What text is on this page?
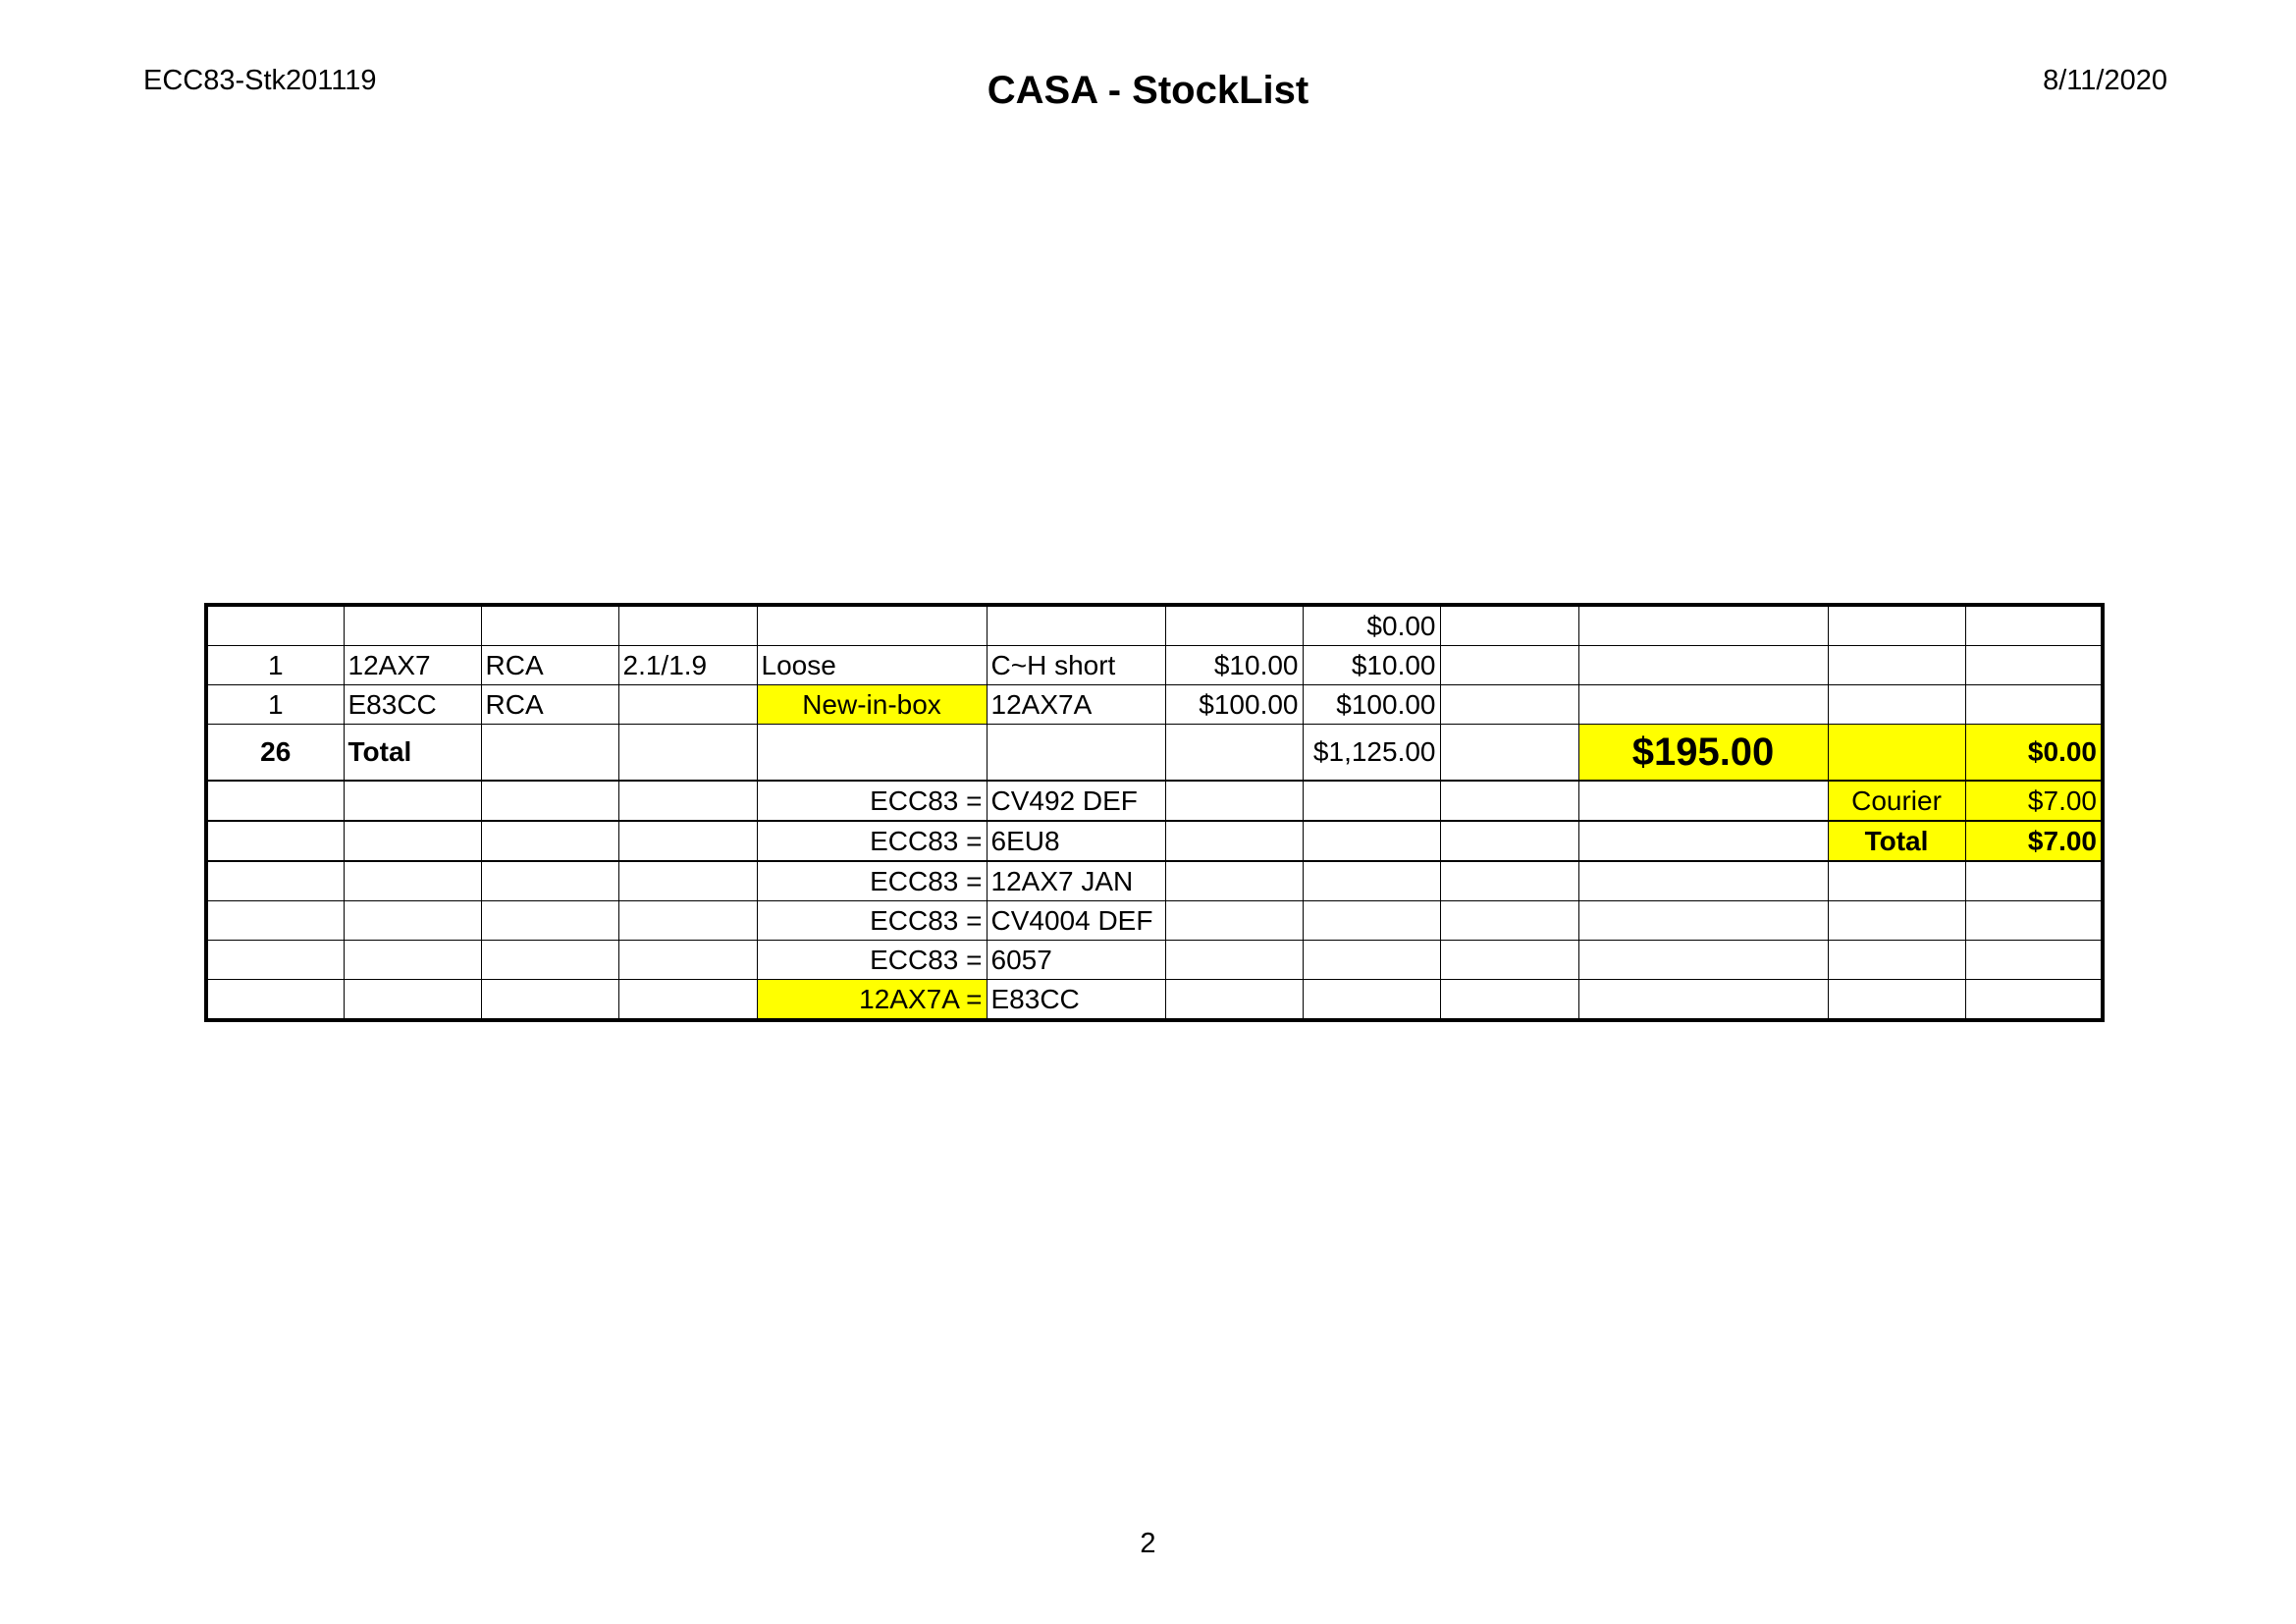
ECC83-Stk201119	CASA - StockList	8/11/2020
							$0.00				
1	12AX7	RCA	2.1/1.9	Loose	C~H short	$10.00	$10.00				
1	E83CC	RCA		New-in-box	12AX7A	$100.00	$100.00				
26	Total						$1,125.00		$195.00		$0.00
				ECC83 =	CV492 DEF					Courier	$7.00
				ECC83 =	6EU8					Total	$7.00
				ECC83 =	12AX7 JAN						
				ECC83 =	CV4004 DEF						
				ECC83 =	6057						
				12AX7A =	E83CC						
2
